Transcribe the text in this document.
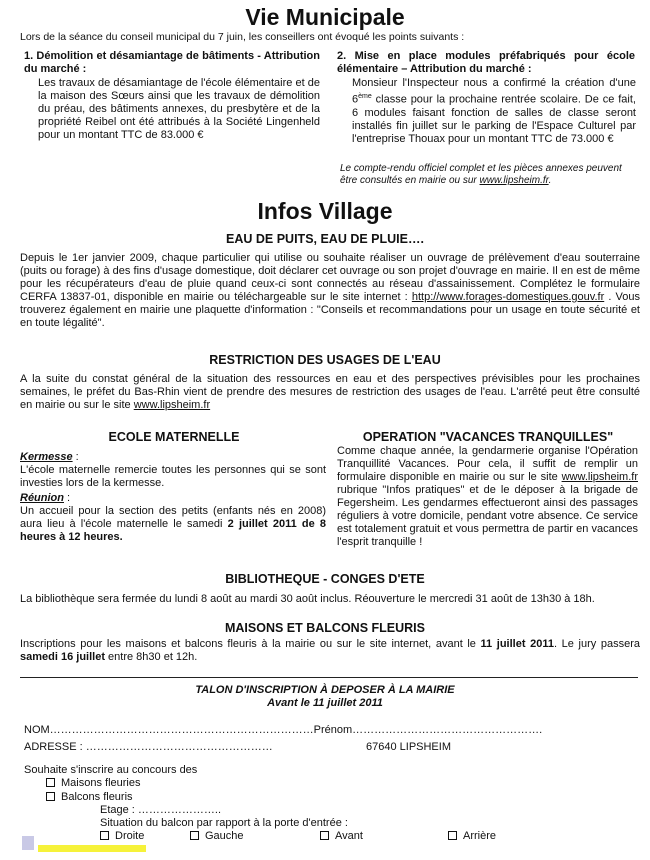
Vie Municipale
Lors de la séance du conseil municipal du 7 juin, les conseillers ont évoqué les points suivants :
1. Démolition et désamiantage de bâtiments - Attribution du marché :
Les travaux de désamiantage de l'école élémentaire et de la maison des Sœurs ainsi que les travaux de démolition du préau, des bâtiments annexes, du presbytère et de la propriété Reibel ont été attribués à la Société Lingenheld pour un montant TTC de 83.000 €
2. Mise en place modules préfabriqués pour école élémentaire – Attribution du marché :
Monsieur l'Inspecteur nous a confirmé la création d'une 6ème classe pour la prochaine rentrée scolaire. De ce fait, 6 modules faisant fonction de salles de classe seront installés fin juillet sur le parking de l'Espace Culturel par l'entreprise Thouax pour un montant TTC de 73.000 €
Le compte-rendu officiel complet et les pièces annexes peuvent être consultés en mairie ou sur www.lipsheim.fr.
Infos Village
EAU DE PUITS, EAU DE PLUIE….
Depuis le 1er janvier 2009, chaque particulier qui utilise ou souhaite réaliser un ouvrage de prélèvement d'eau souterraine (puits ou forage) à des fins d'usage domestique, doit déclarer cet ouvrage ou son projet d'ouvrage en mairie. Il en est de même pour les récupérateurs d'eau de pluie quand ceux-ci sont connectés au réseau d'assainissement. Complétez le formulaire CERFA 13837-01, disponible en mairie ou téléchargeable sur le site internet : http://www.forages-domestiques.gouv.fr . Vous trouverez également en mairie une plaquette d'information : "Conseils et recommandations pour un usage en toute sécurité et en toute légalité".
RESTRICTION DES USAGES DE L'EAU
A la suite du constat général de la situation des ressources en eau et des perspectives prévisibles pour les prochaines semaines, le préfet du Bas-Rhin vient de prendre des mesures de restriction des usages de l'eau. L'arrêté peut être consulté en mairie ou sur le site www.lipsheim.fr
ECOLE MATERNELLE
Kermesse :
L'école maternelle remercie toutes les personnes qui se sont investies lors de la kermesse.
Réunion :
Un accueil pour la section des petits (enfants nés en 2008) aura lieu à l'école maternelle le samedi 2 juillet 2011 de 8 heures à 12 heures.
OPERATION "VACANCES TRANQUILLES"
Comme chaque année, la gendarmerie organise l'Opération Tranquillité Vacances. Pour cela, il suffit de remplir un formulaire disponible en mairie ou sur le site www.lipsheim.fr rubrique "Infos pratiques" et de le déposer à la brigade de Fegersheim. Les gendarmes effectueront ainsi des passages réguliers à votre domicile, pendant votre absence. Ce service est totalement gratuit et vous permettra de partir en vacances l'esprit tranquille !
BIBLIOTHEQUE - CONGES D'ETE
La bibliothèque sera fermée du lundi 8 août au mardi 30 août inclus. Réouverture le mercredi 31 août de 13h30 à 18h.
MAISONS ET BALCONS FLEURIS
Inscriptions pour les maisons et balcons fleuris à la mairie ou sur le site internet, avant le 11 juillet 2011. Le jury passera samedi 16 juillet entre 8h30 et 12h.
TALON D'INSCRIPTION À DEPOSER À LA MAIRIE
Avant le 11 juillet 2011
NOM………………………………………………………………Prénom…………………………………………….
ADRESSE : ……………………………………………	67640 LIPSHEIM
Souhaite s'inscrire au concours des
Maisons fleuries
Balcons fleuris
Etage : …………………..
Situation du balcon par rapport à la porte d'entrée :
Droite	Gauche	Avant	Arrière
